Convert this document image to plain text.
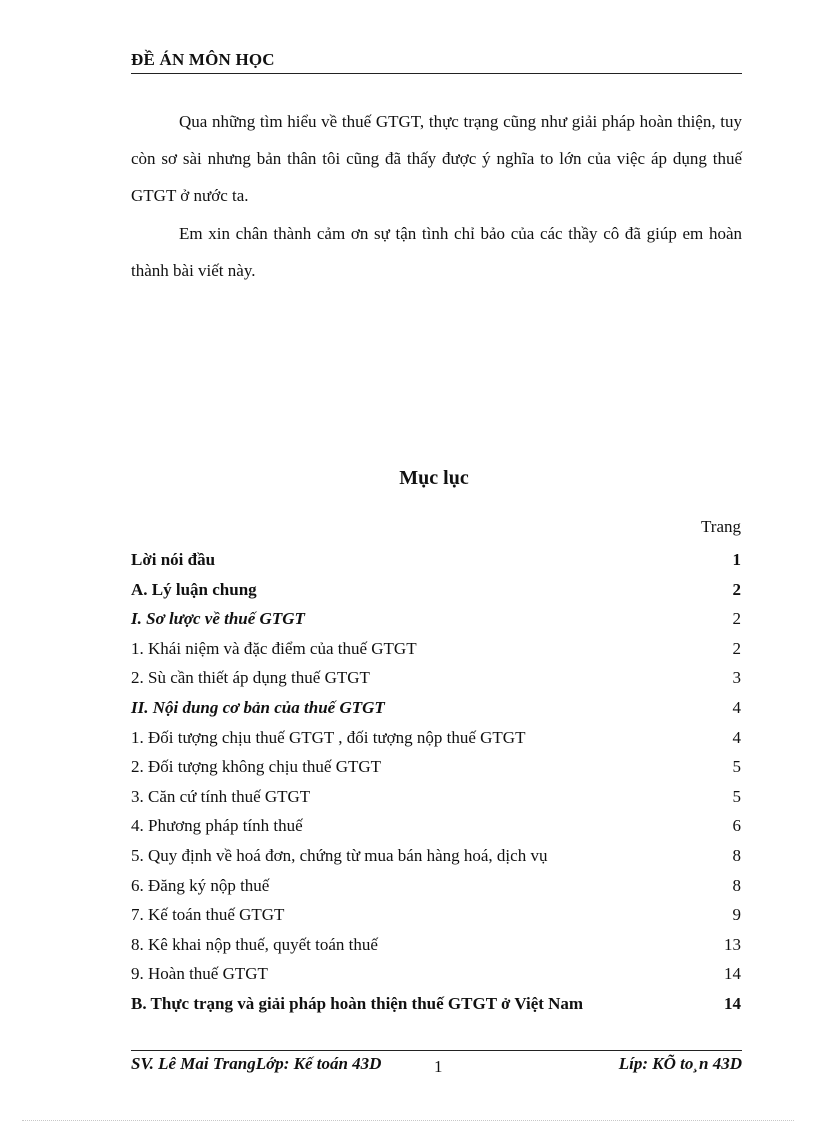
ĐỀ ÁN MÔN HỌC

Qua những tìm hiểu về thuế GTGT, thực trạng cũng như giải pháp hoàn thiện, tuy còn sơ sài nhưng bản thân tôi cũng đã thấy được ý nghĩa to lớn của việc áp dụng thuế GTGT ở nước ta.

Em xin chân thành cảm ơn sự tận tình chỉ bảo của các thầy cô đã giúp em hoàn thành bài viết này.

Mục lục
Trang
Lời nói đầu	1
A. Lý luận chung	2
I. Sơ lược về thuế GTGT	2
1. Khái niệm và đặc điểm của thuế GTGT	2
2. Sù cần thiết áp dụng thuế GTGT	3
II. Nội dung cơ bản của thuế GTGT	4
1. Đối tượng chịu thuế GTGT , đối tượng nộp thuế GTGT	4
2. Đối tượng không chịu thuế GTGT	5
3. Căn cứ tính thuế GTGT	5
4. Phương pháp tính thuế	6
5. Quy định về hoá đơn, chứng từ mua bán hàng hoá, dịch vụ	8
6. Đăng ký nộp thuế	8
7. Kế toán thuế GTGT	9
8. Kê khai nộp thuế, quyết toán thuế	13
9. Hoàn thuế GTGT	14
B. Thực trạng và giải pháp hoàn thiện thuế GTGT ở Việt Nam	14
SV. Lê Mai TrangLớp: Kế toán 43D	1	Líp: KÕ to¸n 43D
